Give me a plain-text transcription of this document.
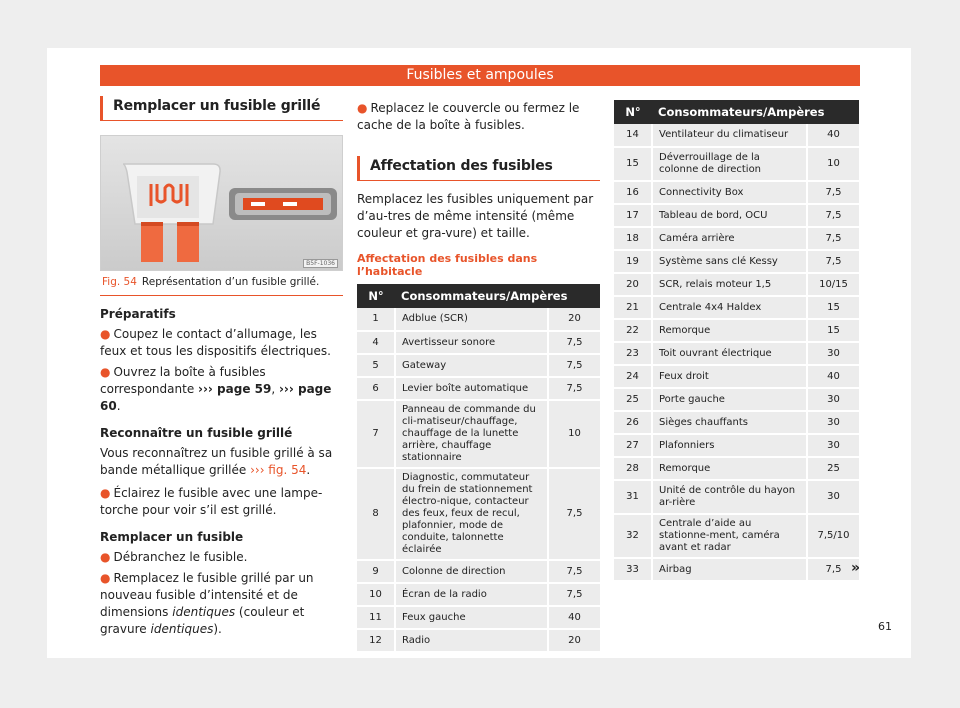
Fusibles et ampoules
Remplacer un fusible grillé
B5F-1036
Fig. 54 Représentation d’un fusible grillé.
Préparatifs
● Coupez le contact d’allumage, les feux et tous les dispositifs électriques.
● Ouvrez la boîte à fusibles correspondante ››› page 59, ››› page 60.
Reconnaître un fusible grillé
Vous reconnaîtrez un fusible grillé à sa bande métallique grillée ››› fig. 54.
● Éclairez le fusible avec une lampe-torche pour voir s’il est grillé.
Remplacer un fusible
● Débranchez le fusible.
● Remplacez le fusible grillé par un nouveau fusible d’intensité et de dimensions identiques (couleur et gravure identiques).
● Replacez le couvercle ou fermez le cache de la boîte à fusibles.
Affectation des fusibles
Remplacez les fusibles uniquement par d’au-tres de même intensité (même couleur et gra-vure) et taille.
Affectation des fusibles dans l’habitacle
N°	Consommateurs/Ampères	
1	Adblue (SCR)	20
4	Avertisseur sonore	7,5
5	Gateway	7,5
6	Levier boîte automatique	7,5
7	Panneau de commande du cli-matiseur/chauffage, chauffage de la lunette arrière, chauffage stationnaire	10
8	Diagnostic, commutateur du frein de stationnement électro-nique, contacteur des feux, feux de recul, plafonnier, mode de conduite, talonnette éclairée	7,5
9	Colonne de direction	7,5
10	Écran de la radio	7,5
11	Feux gauche	40
12	Radio	20
N°	Consommateurs/Ampères	
14	Ventilateur du climatiseur	40
15	Déverrouillage de la colonne de direction	10
16	Connectivity Box	7,5
17	Tableau de bord, OCU	7,5
18	Caméra arrière	7,5
19	Système sans clé Kessy	7,5
20	SCR, relais moteur 1,5	10/15
21	Centrale 4x4 Haldex	15
22	Remorque	15
23	Toit ouvrant électrique	30
24	Feux droit	40
25	Porte gauche	30
26	Sièges chauffants	30
27	Plafonniers	30
28	Remorque	25
31	Unité de contrôle du hayon ar-rière	30
32	Centrale d’aide au stationne-ment, caméra avant et radar	7,5/10
33	Airbag	7,5 »
61
